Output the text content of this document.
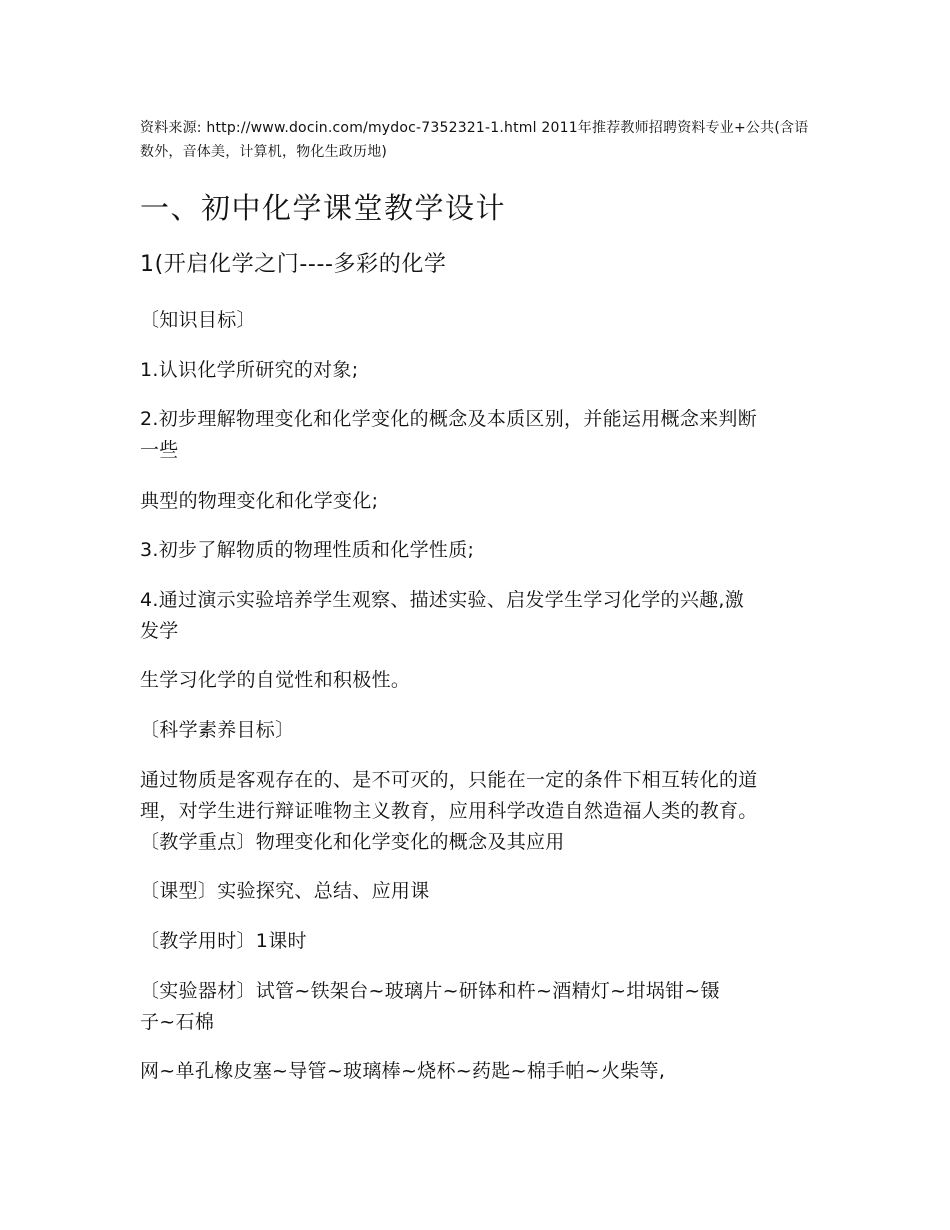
资料来源: http://www.docin.com/mydoc-7352321-1.html 2011年推荐教师招聘资料专业+公共(含语数外，音体美，计算机，物化生政历地)
一、初中化学课堂教学设计
1(开启化学之门----多彩的化学
〔知识目标〕
1.认识化学所研究的对象;
2.初步理解物理变化和化学变化的概念及本质区别，并能运用概念来判断
一些
典型的物理变化和化学变化;
3.初步了解物质的物理性质和化学性质;
4.通过演示实验培养学生观察、描述实验、启发学生学习化学的兴趣,激
发学
生学习化学的自觉性和积极性。
〔科学素养目标〕
通过物质是客观存在的、是不可灭的，只能在一定的条件下相互转化的道
理，对学生进行辩证唯物主义教育，应用科学改造自然造福人类的教育。
〔教学重点〕物理变化和化学变化的概念及其应用
〔课型〕实验探究、总结、应用课
〔教学用时〕1课时
〔实验器材〕试管~铁架台~玻璃片~研钵和杵~酒精灯~坩埚钳~镊
子~石棉
网~单孔橡皮塞~导管~玻璃棒~烧杯~药匙~棉手帕~火柴等,
